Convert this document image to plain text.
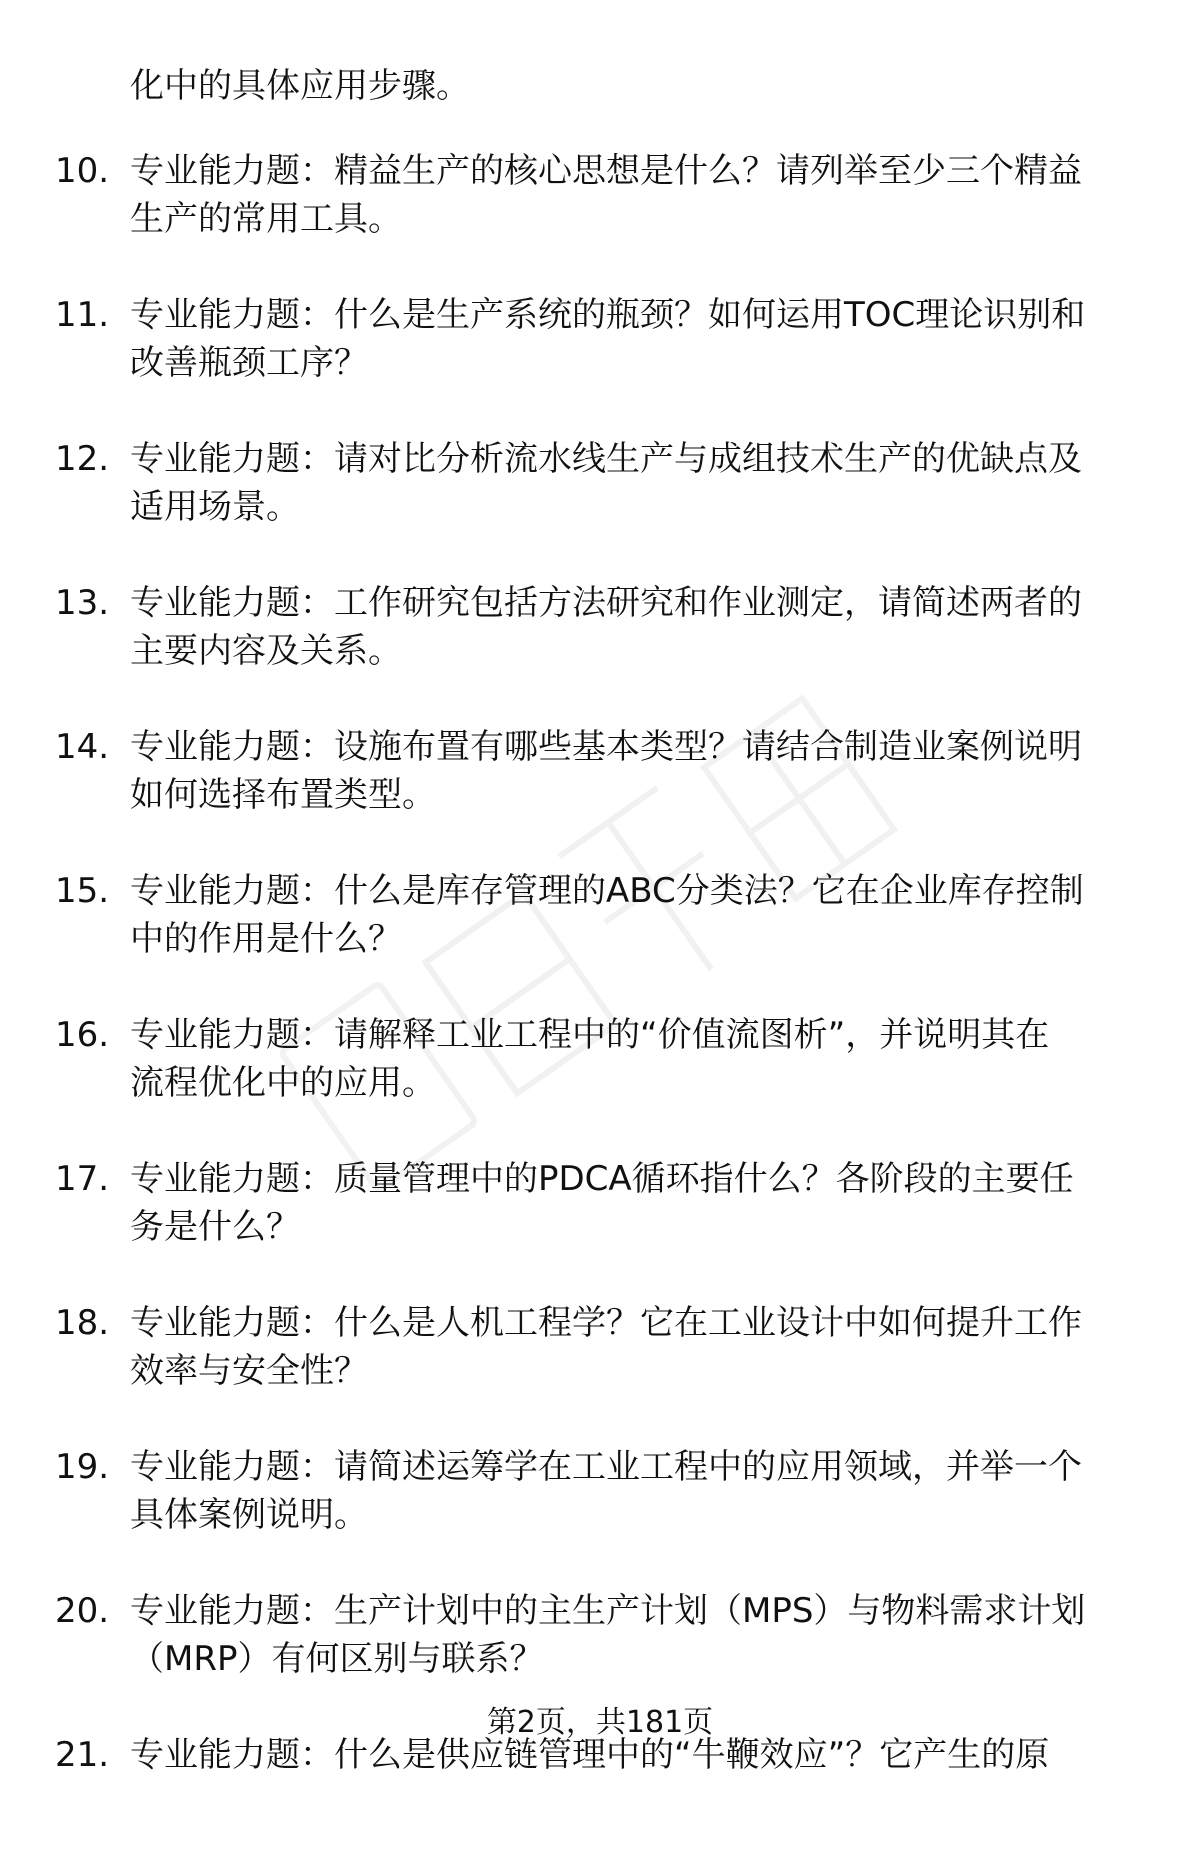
化中的具体应用步骤。
10. 专业能力题：精益生产的核心思想是什么？请列举至少三个精益
生产的常用工具。
11. 专业能力题：什么是生产系统的瓶颈？如何运用TOC理论识别和
改善瓶颈工序？
12. 专业能力题：请对比分析流水线生产与成组技术生产的优缺点及
适用场景。
13. 专业能力题：工作研究包括方法研究和作业测定，请简述两者的
主要内容及关系。
14. 专业能力题：设施布置有哪些基本类型？请结合制造业案例说明
如何选择布置类型。
15. 专业能力题：什么是库存管理的ABC分类法？它在企业库存控制
中的作用是什么？
16. 专业能力题：请解释工业工程中的“价值流图析”，并说明其在
流程优化中的应用。
17. 专业能力题：质量管理中的PDCA循环指什么？各阶段的主要任
务是什么？
18. 专业能力题：什么是人机工程学？它在工业设计中如何提升工作
效率与安全性？
19. 专业能力题：请简述运筹学在工业工程中的应用领域，并举一个
具体案例说明。
20. 专业能力题：生产计划中的主生产计划（MPS）与物料需求计划
（MRP）有何区别与联系？
21. 专业能力题：什么是供应链管理中的“牛鞭效应”？它产生的原
第2页，共181页
